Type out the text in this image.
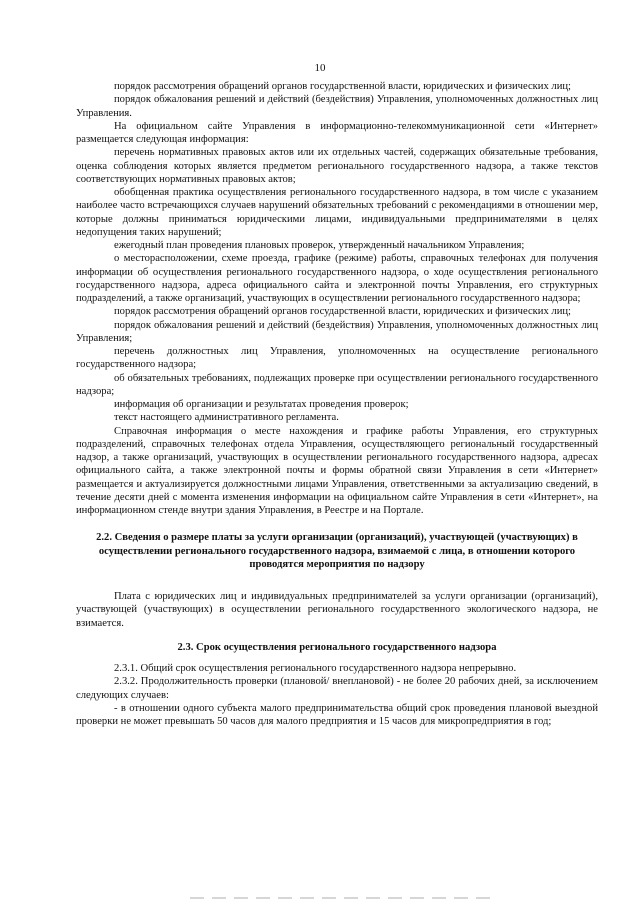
10

порядок рассмотрения обращений органов государственной власти, юридических и физических лиц;

порядок обжалования решений и действий (бездействия) Управления, уполномоченных должностных лиц Управления.

На официальном сайте Управления в информационно-телекоммуникационной сети «Интернет» размещается следующая информация:

перечень нормативных правовых актов или их отдельных частей, содержащих обязательные требования, оценка соблюдения которых является предметом регионального государственного надзора, а также текстов соответствующих нормативных правовых актов;

обобщенная практика осуществления регионального государственного надзора, в том числе с указанием наиболее часто встречающихся случаев нарушений обязательных требований с рекомендациями в отношении мер, которые должны приниматься юридическими лицами, индивидуальными предпринимателями в целях недопущения таких нарушений;

ежегодный план проведения плановых проверок, утвержденный начальником Управления;

о месторасположении, схеме проезда, графике (режиме) работы, справочных телефонах для получения информации об осуществления регионального государственного надзора, о ходе осуществления регионального государственного надзора, адреса официального сайта и электронной почты Управления, его структурных подразделений, а также организаций, участвующих в осуществлении регионального государственного надзора;

порядок рассмотрения обращений органов государственной власти, юридических и физических лиц;

порядок обжалования решений и действий (бездействия) Управления, уполномоченных должностных лиц Управления;

перечень должностных лиц Управления, уполномоченных на осуществление регионального государственного надзора;

об обязательных требованиях, подлежащих проверке при осуществлении регионального государственного надзора;

информация об организации и результатах проведения проверок;

текст настоящего административного регламента.

Справочная информация о месте нахождения и графике работы Управления, его структурных подразделений, справочных телефонах отдела Управления, осуществляющего региональный государственный надзор, а также организаций, участвующих в осуществлении регионального государственного надзора, адресах официального сайта, а также электронной почты и формы обратной связи Управления в сети «Интернет» размещается и актуализируется должностными лицами Управления, ответственными за актуализацию сведений, в течение десяти дней с момента изменения информации на официальном сайте Управления в сети «Интернет», на информационном стенде внутри здания Управления, в Реестре и на Портале.

2.2. Сведения о размере платы за услуги организации (организаций), участвующей (участвующих) в осуществлении регионального государственного надзора, взимаемой с лица, в отношении которого проводятся мероприятия по надзору

Плата с юридических лиц и индивидуальных предпринимателей за услуги организации (организаций), участвующей (участвующих) в осуществлении регионального государственного экологического надзора, не взимается.

2.3. Срок осуществления регионального государственного надзора

2.3.1. Общий срок осуществления регионального государственного надзора непрерывно.

2.3.2. Продолжительность проверки (плановой/ внеплановой) - не более 20 рабочих дней, за исключением следующих случаев:

- в отношении одного субъекта малого предпринимательства общий срок проведения плановой выездной проверки не может превышать 50 часов для малого предприятия и 15 часов для микропредприятия в год;
